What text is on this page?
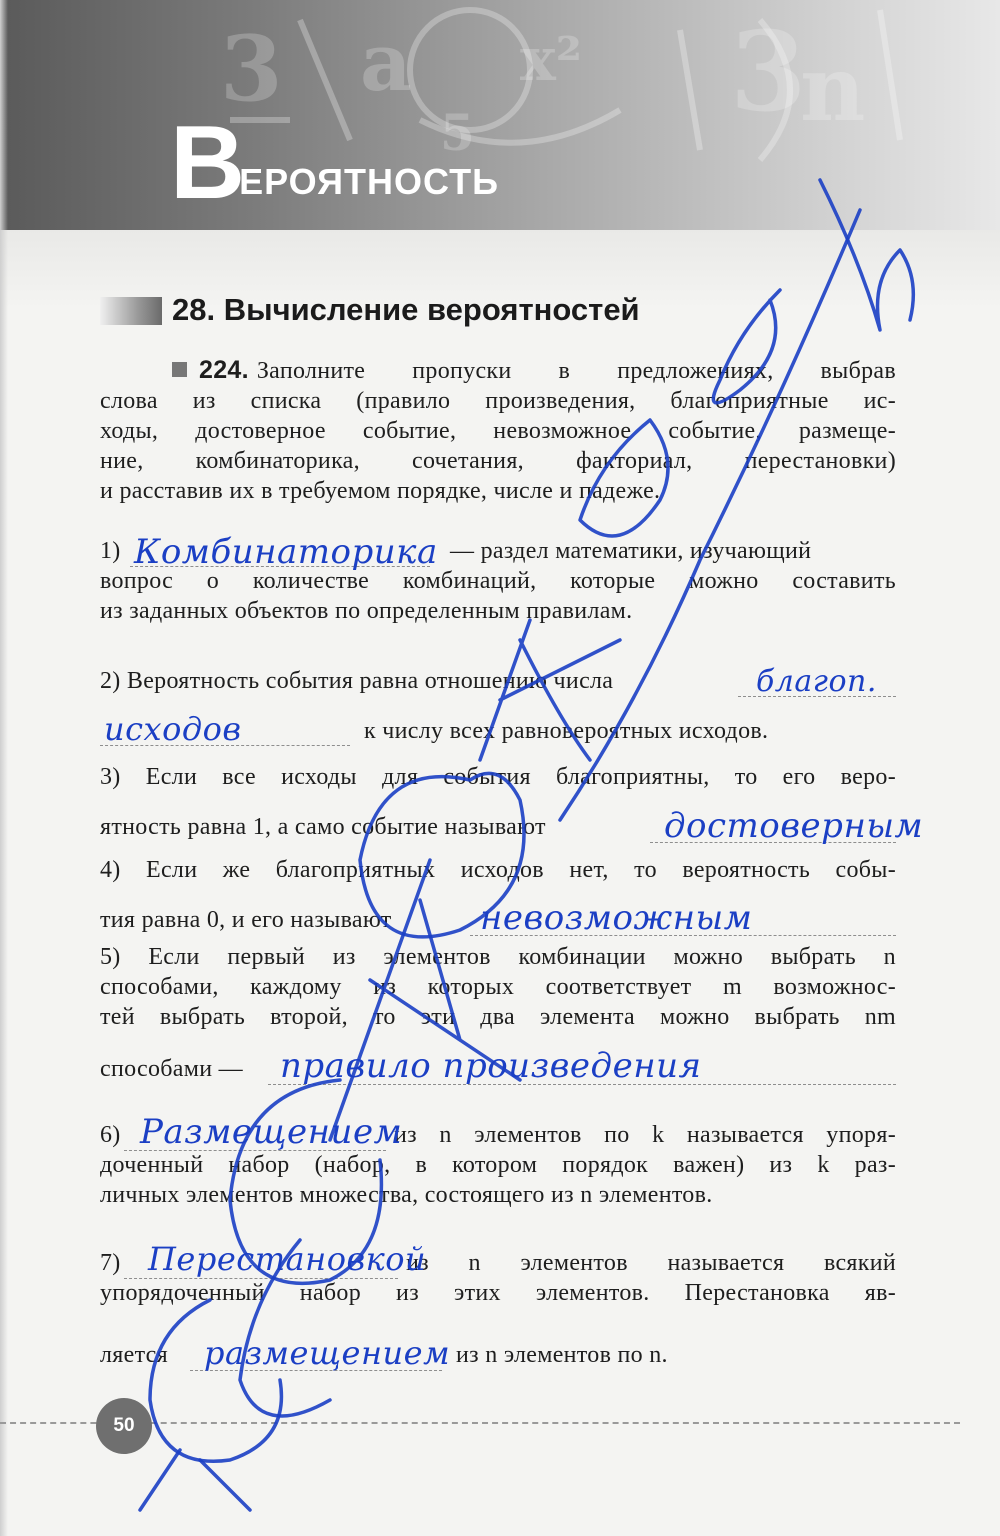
3 a x² 3
n
5
ВЕРОЯТНОСТЬ
28. Вычисление вероятностей
224. Заполните пропуски в предложениях, выбрав
слова из списка (правило произведения, благоприятные ис-
ходы, достоверное событие, невозможное событие, размеще-
ние, комбинаторика, сочетания, факториал, перестановки)
и расставив их в требуемом порядке, числе и падеже.
1)	— раздел математики, изучающий
вопрос о количестве комбинаций, которые можно составить
из заданных объектов по определенным правилам.
Комбинаторика
2) Вероятность события равна отношению числа	благоп.
исходов	к числу всех равновероятных исходов.
3) Если все исходы для события благоприятны, то его веро-
ятность равна 1, а само событие называют	достоверным
4) Если же благоприятных исходов нет, то вероятность собы-
тия равна 0, и его называют	невозможным
5) Если первый из элементов комбинации можно выбрать n
способами, каждому из которых соответствует m возможнос-
тей выбрать второй, то эти два элемента можно выбрать nm
способами —	правило произведения
6)	из n элементов по k называется упоря-
доченный набор (набор, в котором порядок важен) из k раз-
личных элементов множества, состоящего из n элементов.
Размещением
7)	из n элементов называется всякий
упорядоченный набор из этих элементов. Перестановка яв-
Перестановкой
ляется	из n элементов по n.
размещением
50
